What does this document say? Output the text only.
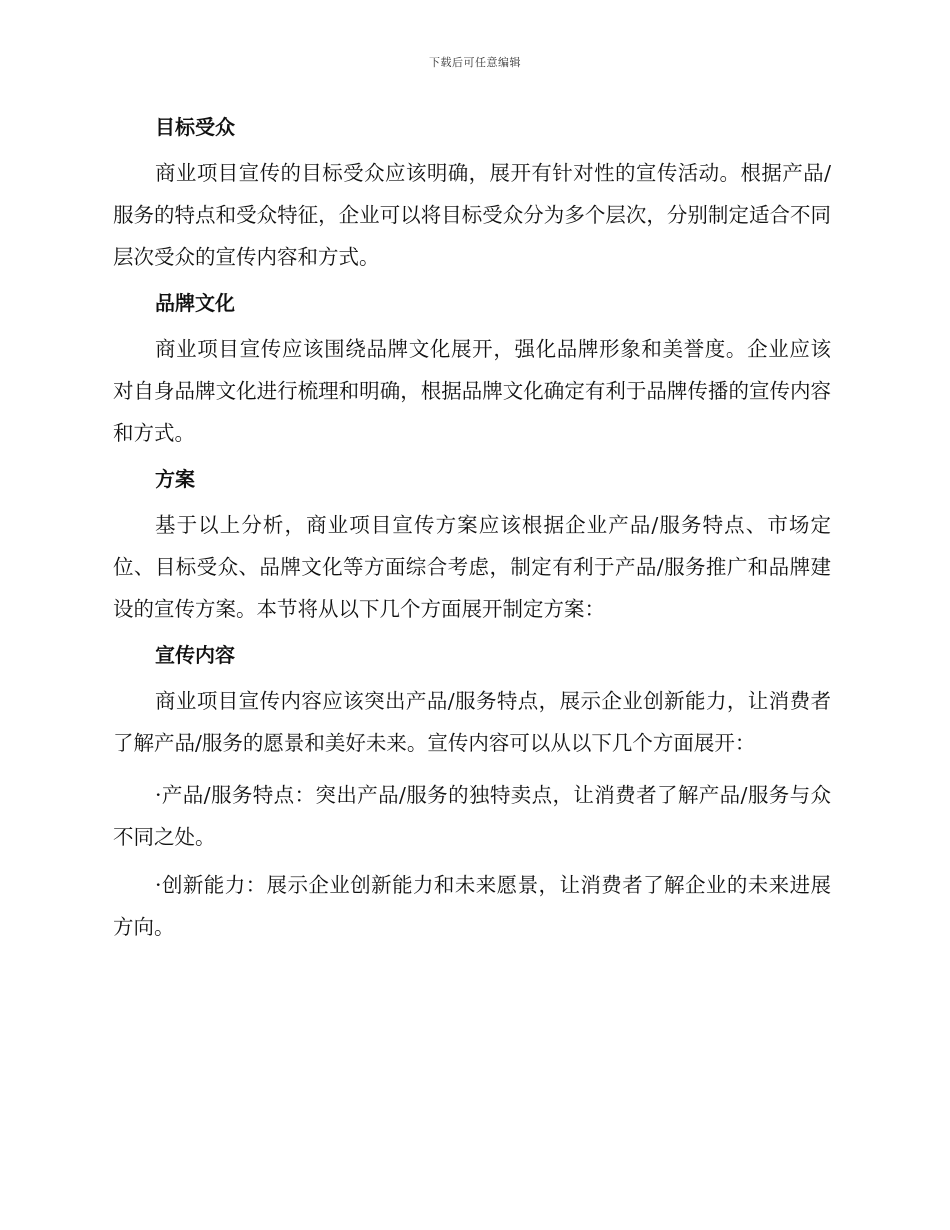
下载后可任意编辑
目标受众

商业项目宣传的目标受众应该明确，展开有针对性的宣传活动。根据产品/服务的特点和受众特征，企业可以将目标受众分为多个层次，分别制定适合不同层次受众的宣传内容和方式。

品牌文化

商业项目宣传应该围绕品牌文化展开，强化品牌形象和美誉度。企业应该对自身品牌文化进行梳理和明确，根据品牌文化确定有利于品牌传播的宣传内容和方式。

方案

基于以上分析，商业项目宣传方案应该根据企业产品/服务特点、市场定位、目标受众、品牌文化等方面综合考虑，制定有利于产品/服务推广和品牌建设的宣传方案。本节将从以下几个方面展开制定方案：

宣传内容

商业项目宣传内容应该突出产品/服务特点，展示企业创新能力，让消费者了解产品/服务的愿景和美好未来。宣传内容可以从以下几个方面展开：

·产品/服务特点：突出产品/服务的独特卖点，让消费者了解产品/服务与众不同之处。

·创新能力：展示企业创新能力和未来愿景，让消费者了解企业的未来进展方向。
